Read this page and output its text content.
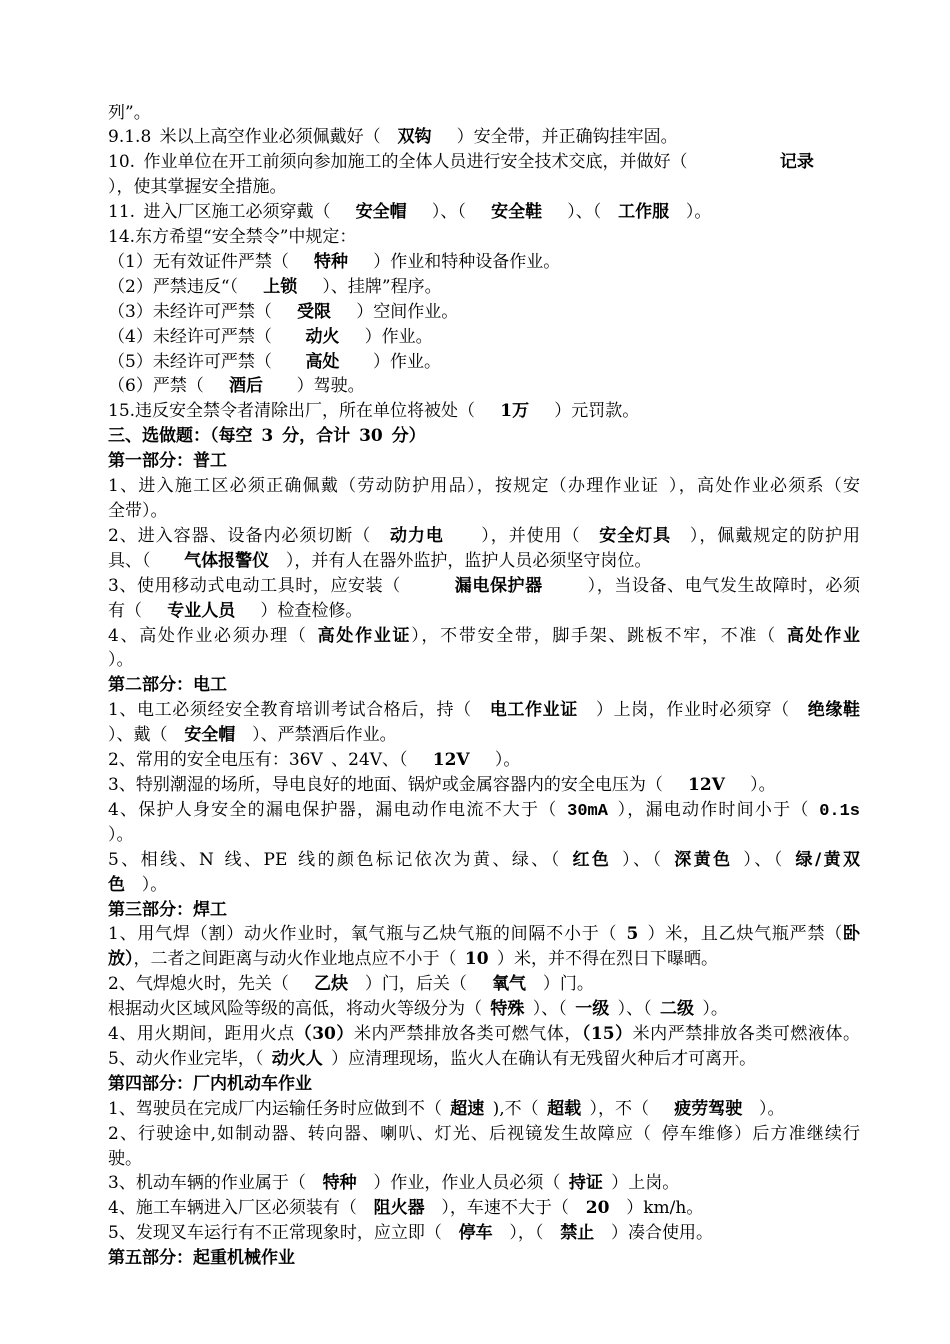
列”。
9.1.8 米以上高空作业必须佩戴好（  双钩   ）安全带，并正确钩挂牢固。
10. 作业单位在开工前须向参加施工的全体人员进行安全技术交底，并做好（           记录
），使其掌握安全措施。
11. 进入厂区施工必须穿戴（   安全帽   ）、（   安全鞋   ）、（  工作服  ）。
14.东方希望“安全禁令”中规定：
（1）无有效证件严禁（   特种   ）作业和特种设备作业。
（2）严禁违反“（   上锁   ）、挂牌”程序。
（3）未经许可严禁（   受限   ）空间作业。
（4）未经许可严禁（    动火   ）作业。
（5）未经许可严禁（    高处    ）作业。
（6）严禁（   酒后    ）驾驶。
15.违反安全禁令者清除出厂，所在单位将被处（   1万   ）元罚款。
三、选做题：（每空 3 分，合计 30 分）
第一部分：普工
1、进入施工区必须正确佩戴（劳动防护用品），按规定（办理作业证 ），高处作业必须系（安
全带）。
2、进入容器、设备内必须切断（  动力电    ），并使用（  安全灯具  ），佩戴规定的防护用
具、（    气体报警仪  ），并有人在器外监护，监护人员必须坚守岗位。
3、使用移动式电动工具时，应安装（      漏电保护器     ），当设备、电气发生故障时，必须
有（   专业人员   ）检查检修。
4、高处作业必须办理（ 高处作业证），不带安全带，脚手架、跳板不牢，不准（ 高处作业
）。
第二部分：电工
1、电工必须经安全教育培训考试合格后，持（  电工作业证  ）上岗，作业时必须穿（  绝缘鞋
）、戴（  安全帽  ）、严禁酒后作业。
2、常用的安全电压有：36V 、24V、（   12V   ）。
3、特别潮湿的场所，导电良好的地面、锅炉或金属容器内的安全电压为（   12V   ）。
4、保护人身安全的漏电保护器，漏电动作电流不大于（ 30mA ），漏电动作时间小于（ 0.1s
）。
5、相线、N 线、PE 线的颜色标记依次为黄、绿、（ 红色 ）、（ 深黄色 ）、（ 绿/黄双
色  ）。
第三部分：焊工
1、用气焊（割）动火作业时，氧气瓶与乙炔气瓶的间隔不小于（ 5 ）米，且乙炔气瓶严禁（卧
放），二者之间距离与动火作业地点应不小于（ 10 ）米，并不得在烈日下曝晒。
2、气焊熄火时，先关（   乙炔  ）门，后关（   氧气  ）门。
根据动火区域风险等级的高低，将动火等级分为（ 特殊 ）、（ 一级 ）、（ 二级 ）。
4、用火期间，距用火点（30）米内严禁排放各类可燃气体，（15）米内严禁排放各类可燃液体。
5、动火作业完毕，（ 动火人 ）应清理现场，监火人在确认有无残留火种后才可离开。
第四部分：厂内机动车作业
1、驾驶员在完成厂内运输任务时应做到不（ 超速 ),不（ 超载 ），不（   疲劳驾驶  ）。
2、行驶途中,如制动器、转向器、喇叭、灯光、后视镜发生故障应（ 停车维修）后方准继续行
驶。
3、机动车辆的作业属于（  特种  ）作业，作业人员必须（ 持证 ）上岗。
4、施工车辆进入厂区必须装有（  阻火器  ），车速不大于（  20  ）km/h。
5、发现叉车运行有不正常现象时，应立即（  停车  ），（  禁止  ）凑合使用。
第五部分：起重机械作业
